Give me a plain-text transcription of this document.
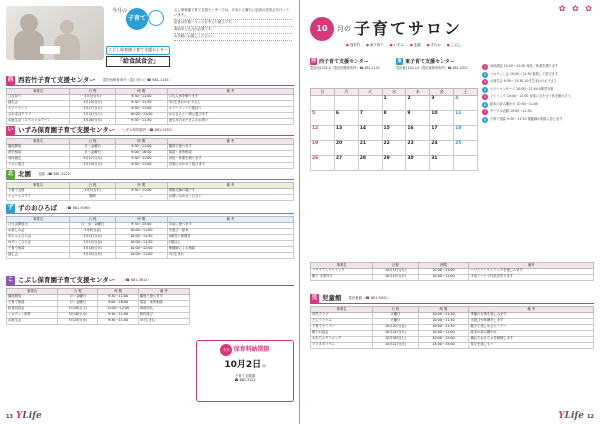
今月の
子育て
こどし保育園子育て支援センター
「給食試食会」

ぶし保育園子育て支援センターでは、月末の土曜日に給食の試食会を行っています。

給食は栄養バランスを考えた献立です。

事前申し込みが必要です。

お気軽にお越しください。

西 西若竹子育て支援センター 豊田西保育所内（富山市○○ ☎ 681-1151）
事業名	日 程	時 間	備 考
ひな祭り	3月3日(火)	9:30～11:00	ひな人形を飾ります
誕生会	3月10日(火)	9:30～11:30	3月生まれのお子さん
エアーランド	3月17日(火)	9:30～11:00	エアーランドで遊ぼう
ぷれぱぱクラブ	3月21日(土)	10:00～12:00	お父さんと一緒に遊びます
お誕生会（スペシャルデー）	3月26日(木)	9:30～11:30	誕生月のお子さんのお祝い
い いずみ保育園子育て支援センター いずみ保育園内（☎ 681-2552）
事業名	日 程	時 間	備 考
園庭開放	月～金曜日	9:30～11:00	園庭で遊べます
育児相談	月～金曜日	9:00～16:00	電話・来所相談
身体測定	3月12日(木)	9:30～11:00	身長・体重を測ります
リズム遊び	3月19日(木)	9:30～11:00	音楽に合わせて遊びます
北 北園 北園（☎ 681-3222）
事業名	日 程	時 間	備 考
子育て支援	3月5日(木)	9:30～11:00	情報交換の場です
ショートステイ	随時	―	お問い合わせください
ず ずのおひろば （☎ 681-5060）
事業名	日 程	時 間	備 考
ひろば開放日	月・水・金曜日	9:30～15:00	自由に遊べます
お楽しみ会	3月6日(金)	10:00～11:00	手遊び・絵本
赤ちゃんひろば	3月11日(水)	10:00～11:30	0歳児と保護者
ゆずっこひろば	3月13日(金)	10:00～11:30	1歳以上
子育て相談	3月18日(水)	10:00～12:00	保健師による相談
誕生会	3月25日(水)	10:00～11:00	3月生まれ
こ こぶし保育園子育て支援センター （☎ 681-3612）
事業名	日 程	時 間	備 考
園庭開放	月～金曜日	9:30～11:00	園庭で遊べます
子育て相談	月～金曜日	9:00～16:00	電話・来所相談
給食試食会	3月28日(土)	11:00～12:00	事前申込
ハロウィン制作	3月18日(水)	9:30～11:00	制作遊び
お誕生会	3月25日(水)	9:30～11:00	3月生まれ
今月 保育料納期限
10月2日 ㈪
子育て支援課
☎ 681-3121
13 YLife
✿ ✿ ✿
10	月の 子育てサロン
●西若竹 ●東子育て ●いずみ ●北園 ●ずのお ●こぶし
西 西子育て支援センター
豊田西1332-5（豊田西保育所内）☎ 681-1151
東 東子育て支援センター
豊田東1142-14（豊田東保育所内）☎ 681-0311
日	月	火	水	木	金	土
			1	2	3	4
5	6	7	8	9	10	11
12	13	14	15	16	17	18
19	20	21	22	23	24	25
26	27	28	29	30	31	
1	身体測定 10:00～11:30 身長・体重を測ります
2	ハロウィン会 10:00～11:30 仮装して遊びます
3	お誕生会 9:30～11:30 10月生まれのお子さん
4	ベビーマッサージ 10:00～11:00 0歳児対象
5	リトミック 10:00～11:00 音楽に合わせて体を動かそう
6	絵本の読み聞かせ 10:30～11:00
7	サークル活動 10:00～11:30
8	子育て相談 9:30～11:30 保健師が相談に応じます
事業名	日程	時間	備考
ハワイアンリトミック	10月17日(火)	10:00～11:00	ハワイアンリトミックを楽しみます
親子 手形作り	10月19日(木)	10:00～11:00	手形アートで作品を作ります
児 児童館 豊田東館（☎ 681-3941）
事業名	日 程	時 間	備 考
幼児クラブ	火曜日	10:00～11:30	季節の行事を楽しみます
どんぐりぐみ	火曜日	10:00～11:30	手遊びや体操をします
子育てセミナー	10月20日(金)	10:00～11:30	親子で楽しめるセミナー
親子お話会	10月24日(火)	10:00～11:00	絵本の読み聞かせ
おもちゃクリニック	10月28日(土)	10:00～12:00	壊れたおもちゃを修理します
プラネタリウム	10月22日(日)	14:00～15:00	星空を楽しもう
YLife 12
